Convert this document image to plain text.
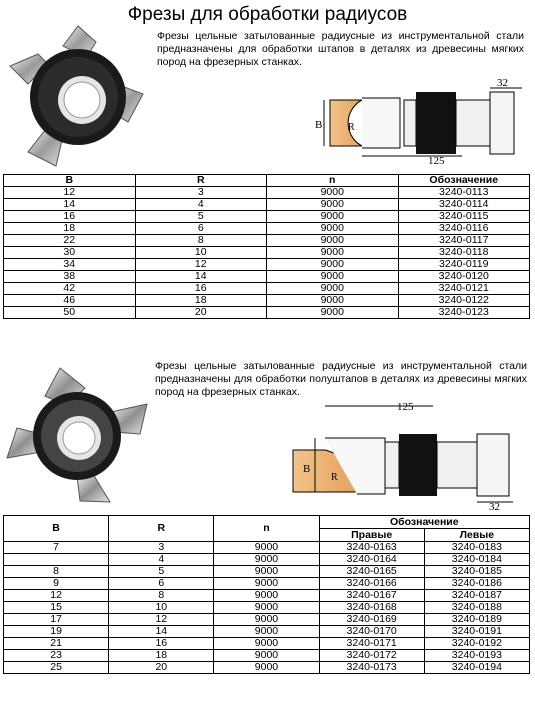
Фрезы для обработки радиусов
Фрезы цельные затылованные радиусные из инструментальной стали предназначены для обработки штапов в деталях из древесины мягких пород на фрезерных станках.
B	R
32
125
B	R	n	Обозначение
12	3	9000	3240-0113
14	4	9000	3240-0114
16	5	9000	3240-0115
18	6	9000	3240-0116
22	8	9000	3240-0117
30	10	9000	3240-0118
34	12	9000	3240-0119
38	14	9000	3240-0120
42	16	9000	3240-0121
46	18	9000	3240-0122
50	20	9000	3240-0123
Фрезы цельные затылованные радиусные из инструментальной стали предназначены для обработки полуштапов в деталях из древесины мягких пород на фрезерных станках.
125
B
R
32
B	R	n	Обозначение	
			Правые	Левые
7	3	9000	3240-0163	3240-0183
	4	9000	3240-0164	3240-0184
8	5	9000	3240-0165	3240-0185
9	6	9000	3240-0166	3240-0186
12	8	9000	3240-0167	3240-0187
15	10	9000	3240-0168	3240-0188
17	12	9000	3240-0169	3240-0189
19	14	9000	3240-0170	3240-0191
21	16	9000	3240-0171	3240-0192
23	18	9000	3240-0172	3240-0193
25	20	9000	3240-0173	3240-0194
